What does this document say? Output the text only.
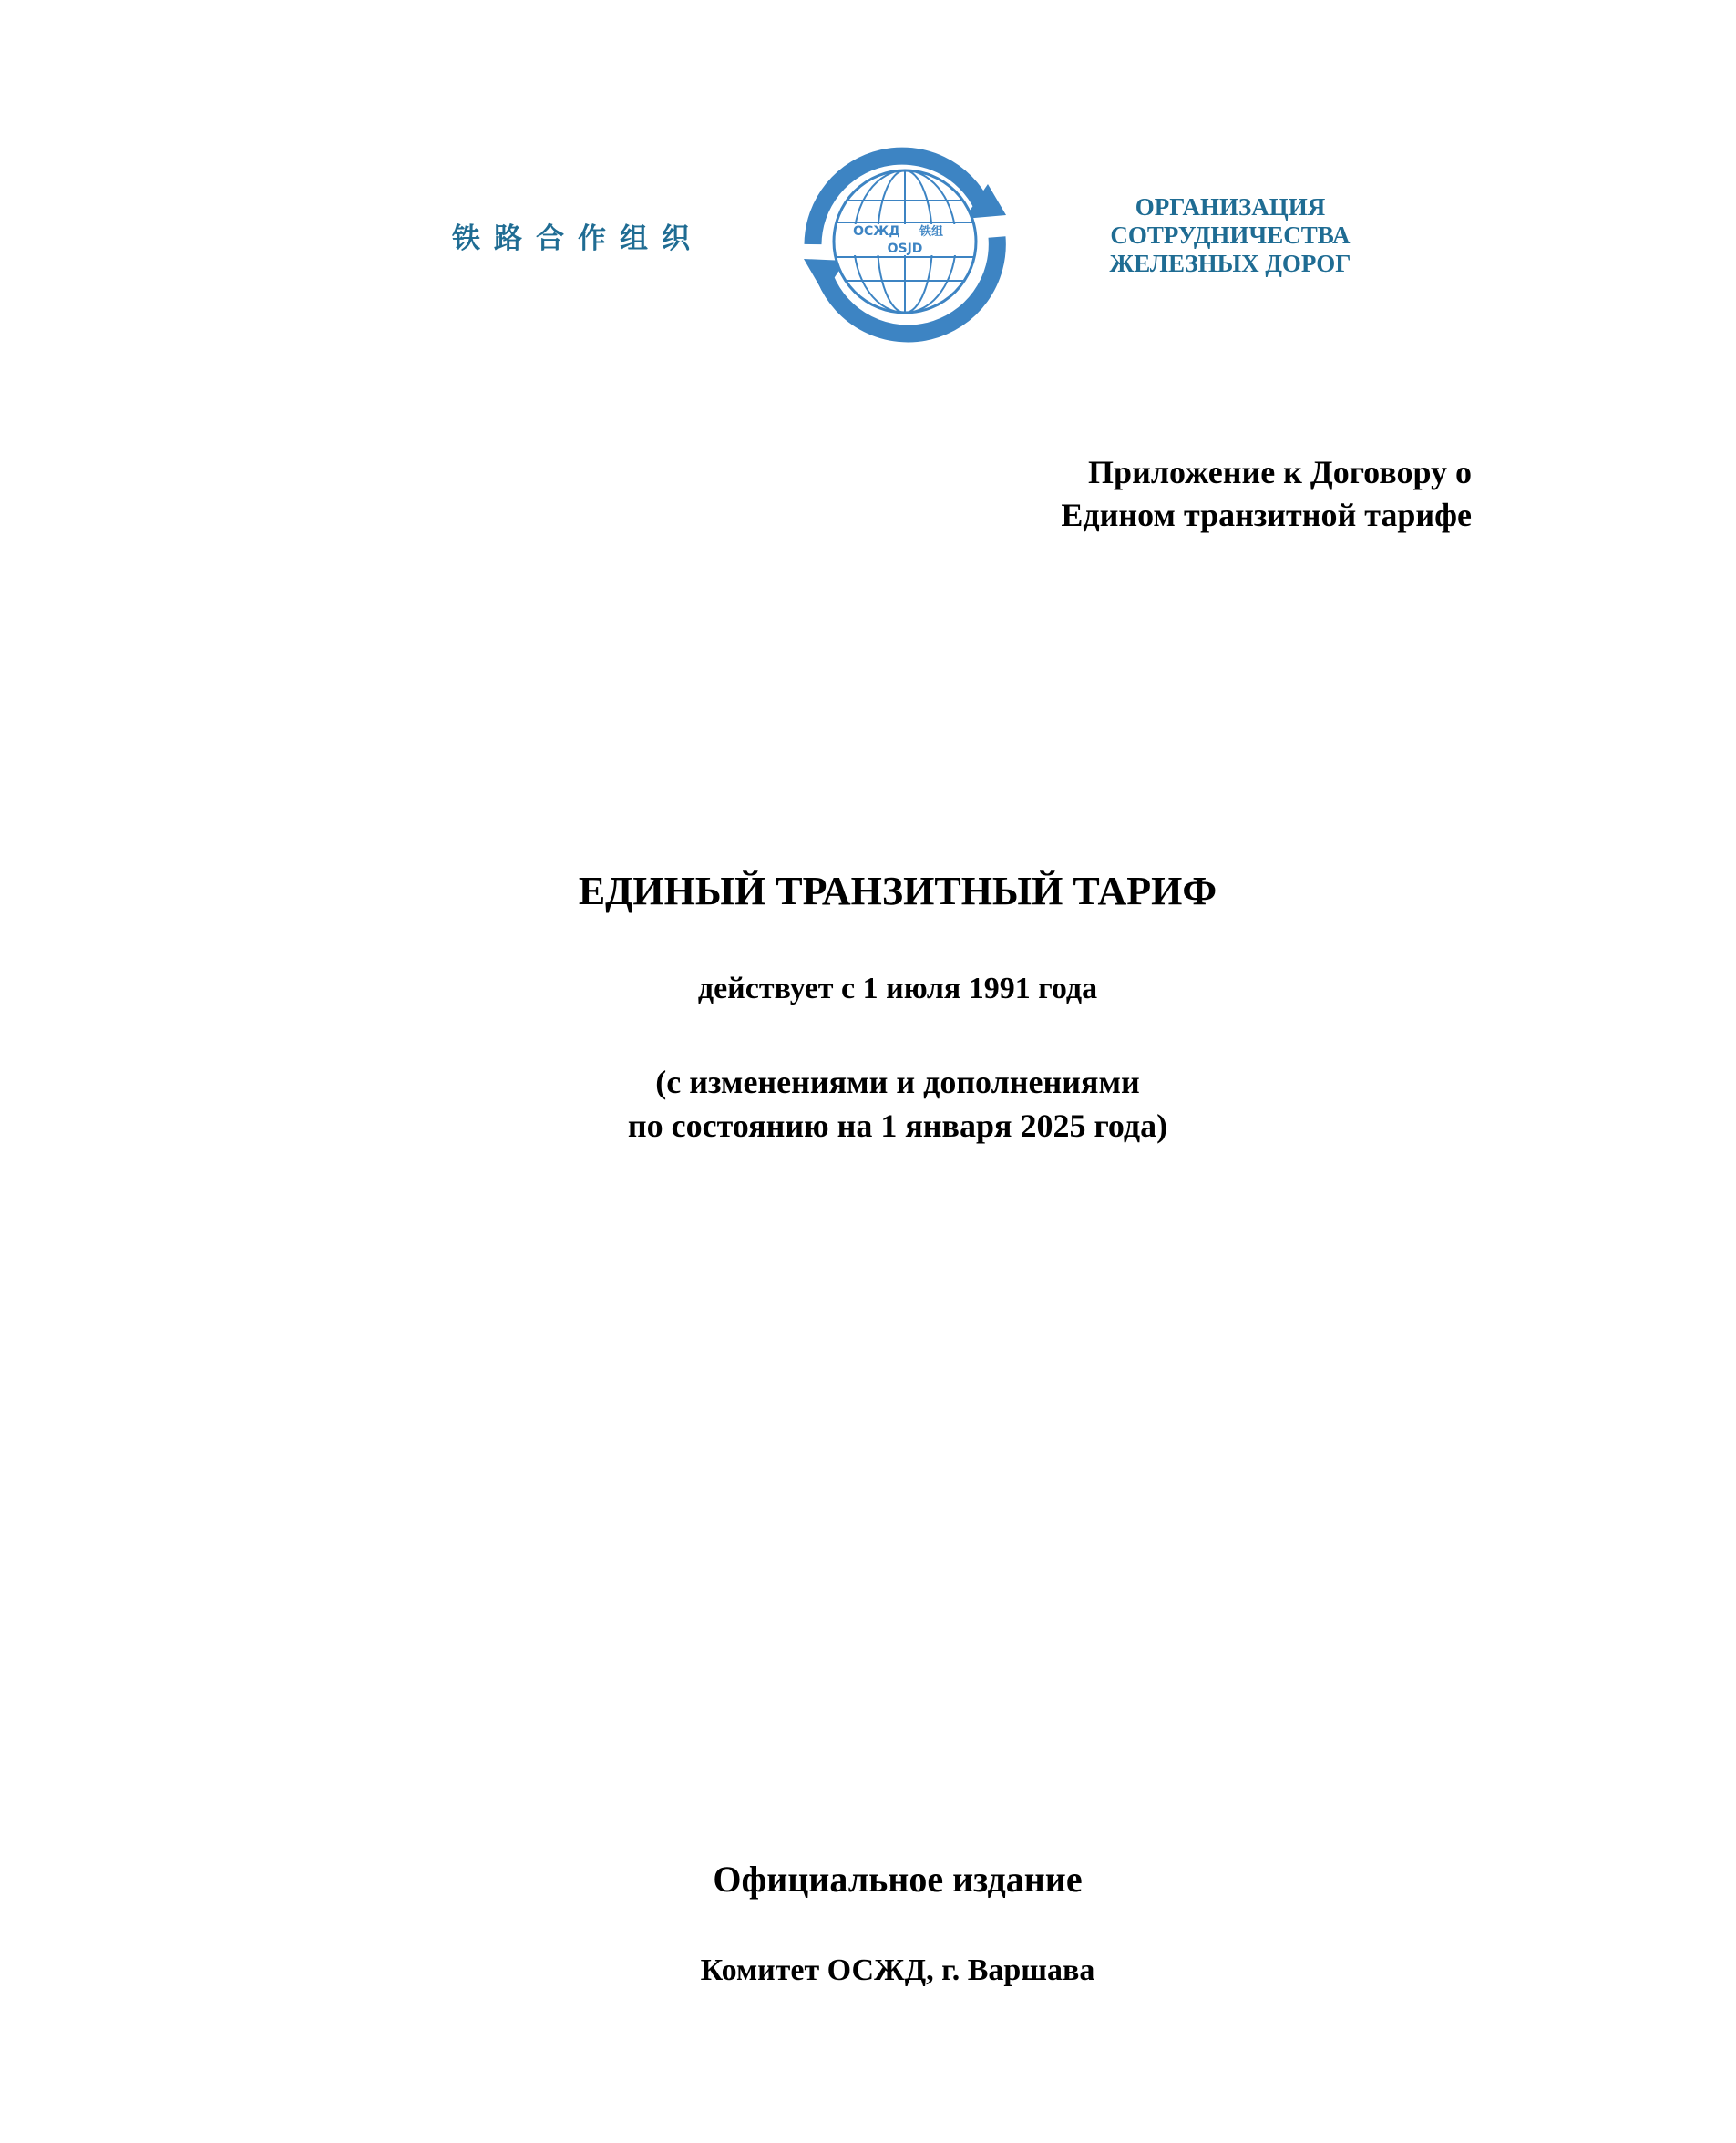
铁路合作组织	ОСЖД 铁组
OSJD
ОРГАНИЗАЦИЯ
СОТРУДНИЧЕСТВА
ЖЕЛЕЗНЫХ ДОРОГ
Приложение к Договору о
Едином транзитной тарифе
ЕДИНЫЙ ТРАНЗИТНЫЙ ТАРИФ
действует с 1 июля 1991 года
(с изменениями и дополнениями
по состоянию на 1 января 2025 года)
Официальное издание
Комитет ОСЖД, г. Варшава
